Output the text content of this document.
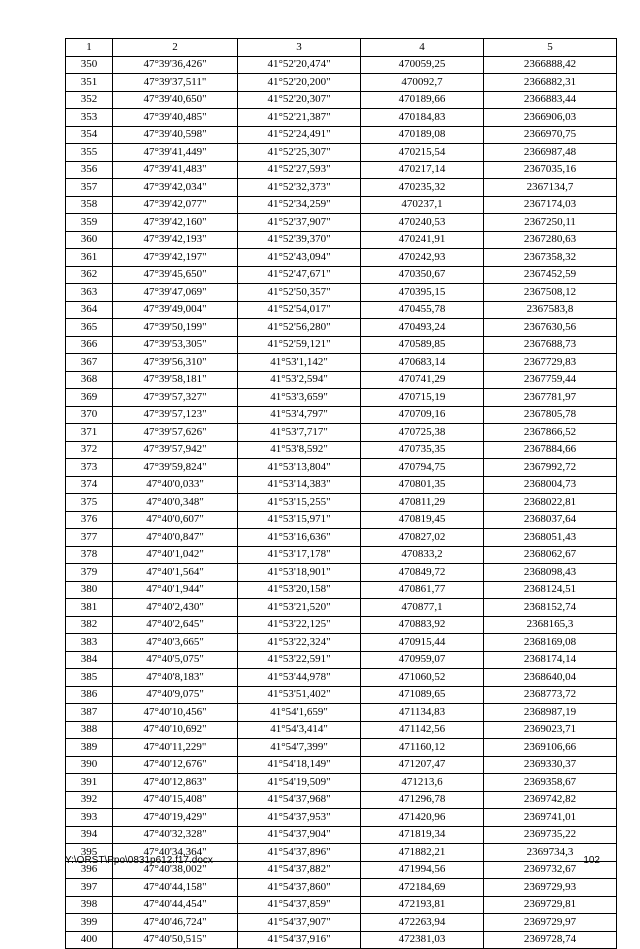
1	2	3	4	5
350	47°39'36,426"	41°52'20,474"	470059,25	2366888,42
351	47°39'37,511"	41°52'20,200"	470092,7	2366882,31
352	47°39'40,650"	41°52'20,307"	470189,66	2366883,44
353	47°39'40,485"	41°52'21,387"	470184,83	2366906,03
354	47°39'40,598"	41°52'24,491"	470189,08	2366970,75
355	47°39'41,449"	41°52'25,307"	470215,54	2366987,48
356	47°39'41,483"	41°52'27,593"	470217,14	2367035,16
357	47°39'42,034"	41°52'32,373"	470235,32	2367134,7
358	47°39'42,077"	41°52'34,259"	470237,1	2367174,03
359	47°39'42,160"	41°52'37,907"	470240,53	2367250,11
360	47°39'42,193"	41°52'39,370"	470241,91	2367280,63
361	47°39'42,197"	41°52'43,094"	470242,93	2367358,32
362	47°39'45,650"	41°52'47,671"	470350,67	2367452,59
363	47°39'47,069"	41°52'50,357"	470395,15	2367508,12
364	47°39'49,004"	41°52'54,017"	470455,78	2367583,8
365	47°39'50,199"	41°52'56,280"	470493,24	2367630,56
366	47°39'53,305"	41°52'59,121"	470589,85	2367688,73
367	47°39'56,310"	41°53'1,142"	470683,14	2367729,83
368	47°39'58,181"	41°53'2,594"	470741,29	2367759,44
369	47°39'57,327"	41°53'3,659"	470715,19	2367781,97
370	47°39'57,123"	41°53'4,797"	470709,16	2367805,78
371	47°39'57,626"	41°53'7,717"	470725,38	2367866,52
372	47°39'57,942"	41°53'8,592"	470735,35	2367884,66
373	47°39'59,824"	41°53'13,804"	470794,75	2367992,72
374	47°40'0,033"	41°53'14,383"	470801,35	2368004,73
375	47°40'0,348"	41°53'15,255"	470811,29	2368022,81
376	47°40'0,607"	41°53'15,971"	470819,45	2368037,64
377	47°40'0,847"	41°53'16,636"	470827,02	2368051,43
378	47°40'1,042"	41°53'17,178"	470833,2	2368062,67
379	47°40'1,564"	41°53'18,901"	470849,72	2368098,43
380	47°40'1,944"	41°53'20,158"	470861,77	2368124,51
381	47°40'2,430"	41°53'21,520"	470877,1	2368152,74
382	47°40'2,645"	41°53'22,125"	470883,92	2368165,3
383	47°40'3,665"	41°53'22,324"	470915,44	2368169,08
384	47°40'5,075"	41°53'22,591"	470959,07	2368174,14
385	47°40'8,183"	41°53'44,978"	471060,52	2368640,04
386	47°40'9,075"	41°53'51,402"	471089,65	2368773,72
387	47°40'10,456"	41°54'1,659"	471134,83	2368987,19
388	47°40'10,692"	41°54'3,414"	471142,56	2369023,71
389	47°40'11,229"	41°54'7,399"	471160,12	2369106,66
390	47°40'12,676"	41°54'18,149"	471207,47	2369330,37
391	47°40'12,863"	41°54'19,509"	471213,6	2369358,67
392	47°40'15,408"	41°54'37,968"	471296,78	2369742,82
393	47°40'19,429"	41°54'37,953"	471420,96	2369741,01
394	47°40'32,328"	41°54'37,904"	471819,34	2369735,22
395	47°40'34,364"	41°54'37,896"	471882,21	2369734,3
396	47°40'38,002"	41°54'37,882"	471994,56	2369732,67
397	47°40'44,158"	41°54'37,860"	472184,69	2369729,93
398	47°40'44,454"	41°54'37,859"	472193,81	2369729,81
399	47°40'46,724"	41°54'37,907"	472263,94	2369729,97
400	47°40'50,515"	41°54'37,916"	472381,03	2369728,74
Y:\ORST\Ppo\0831p612.f17.docx	102
